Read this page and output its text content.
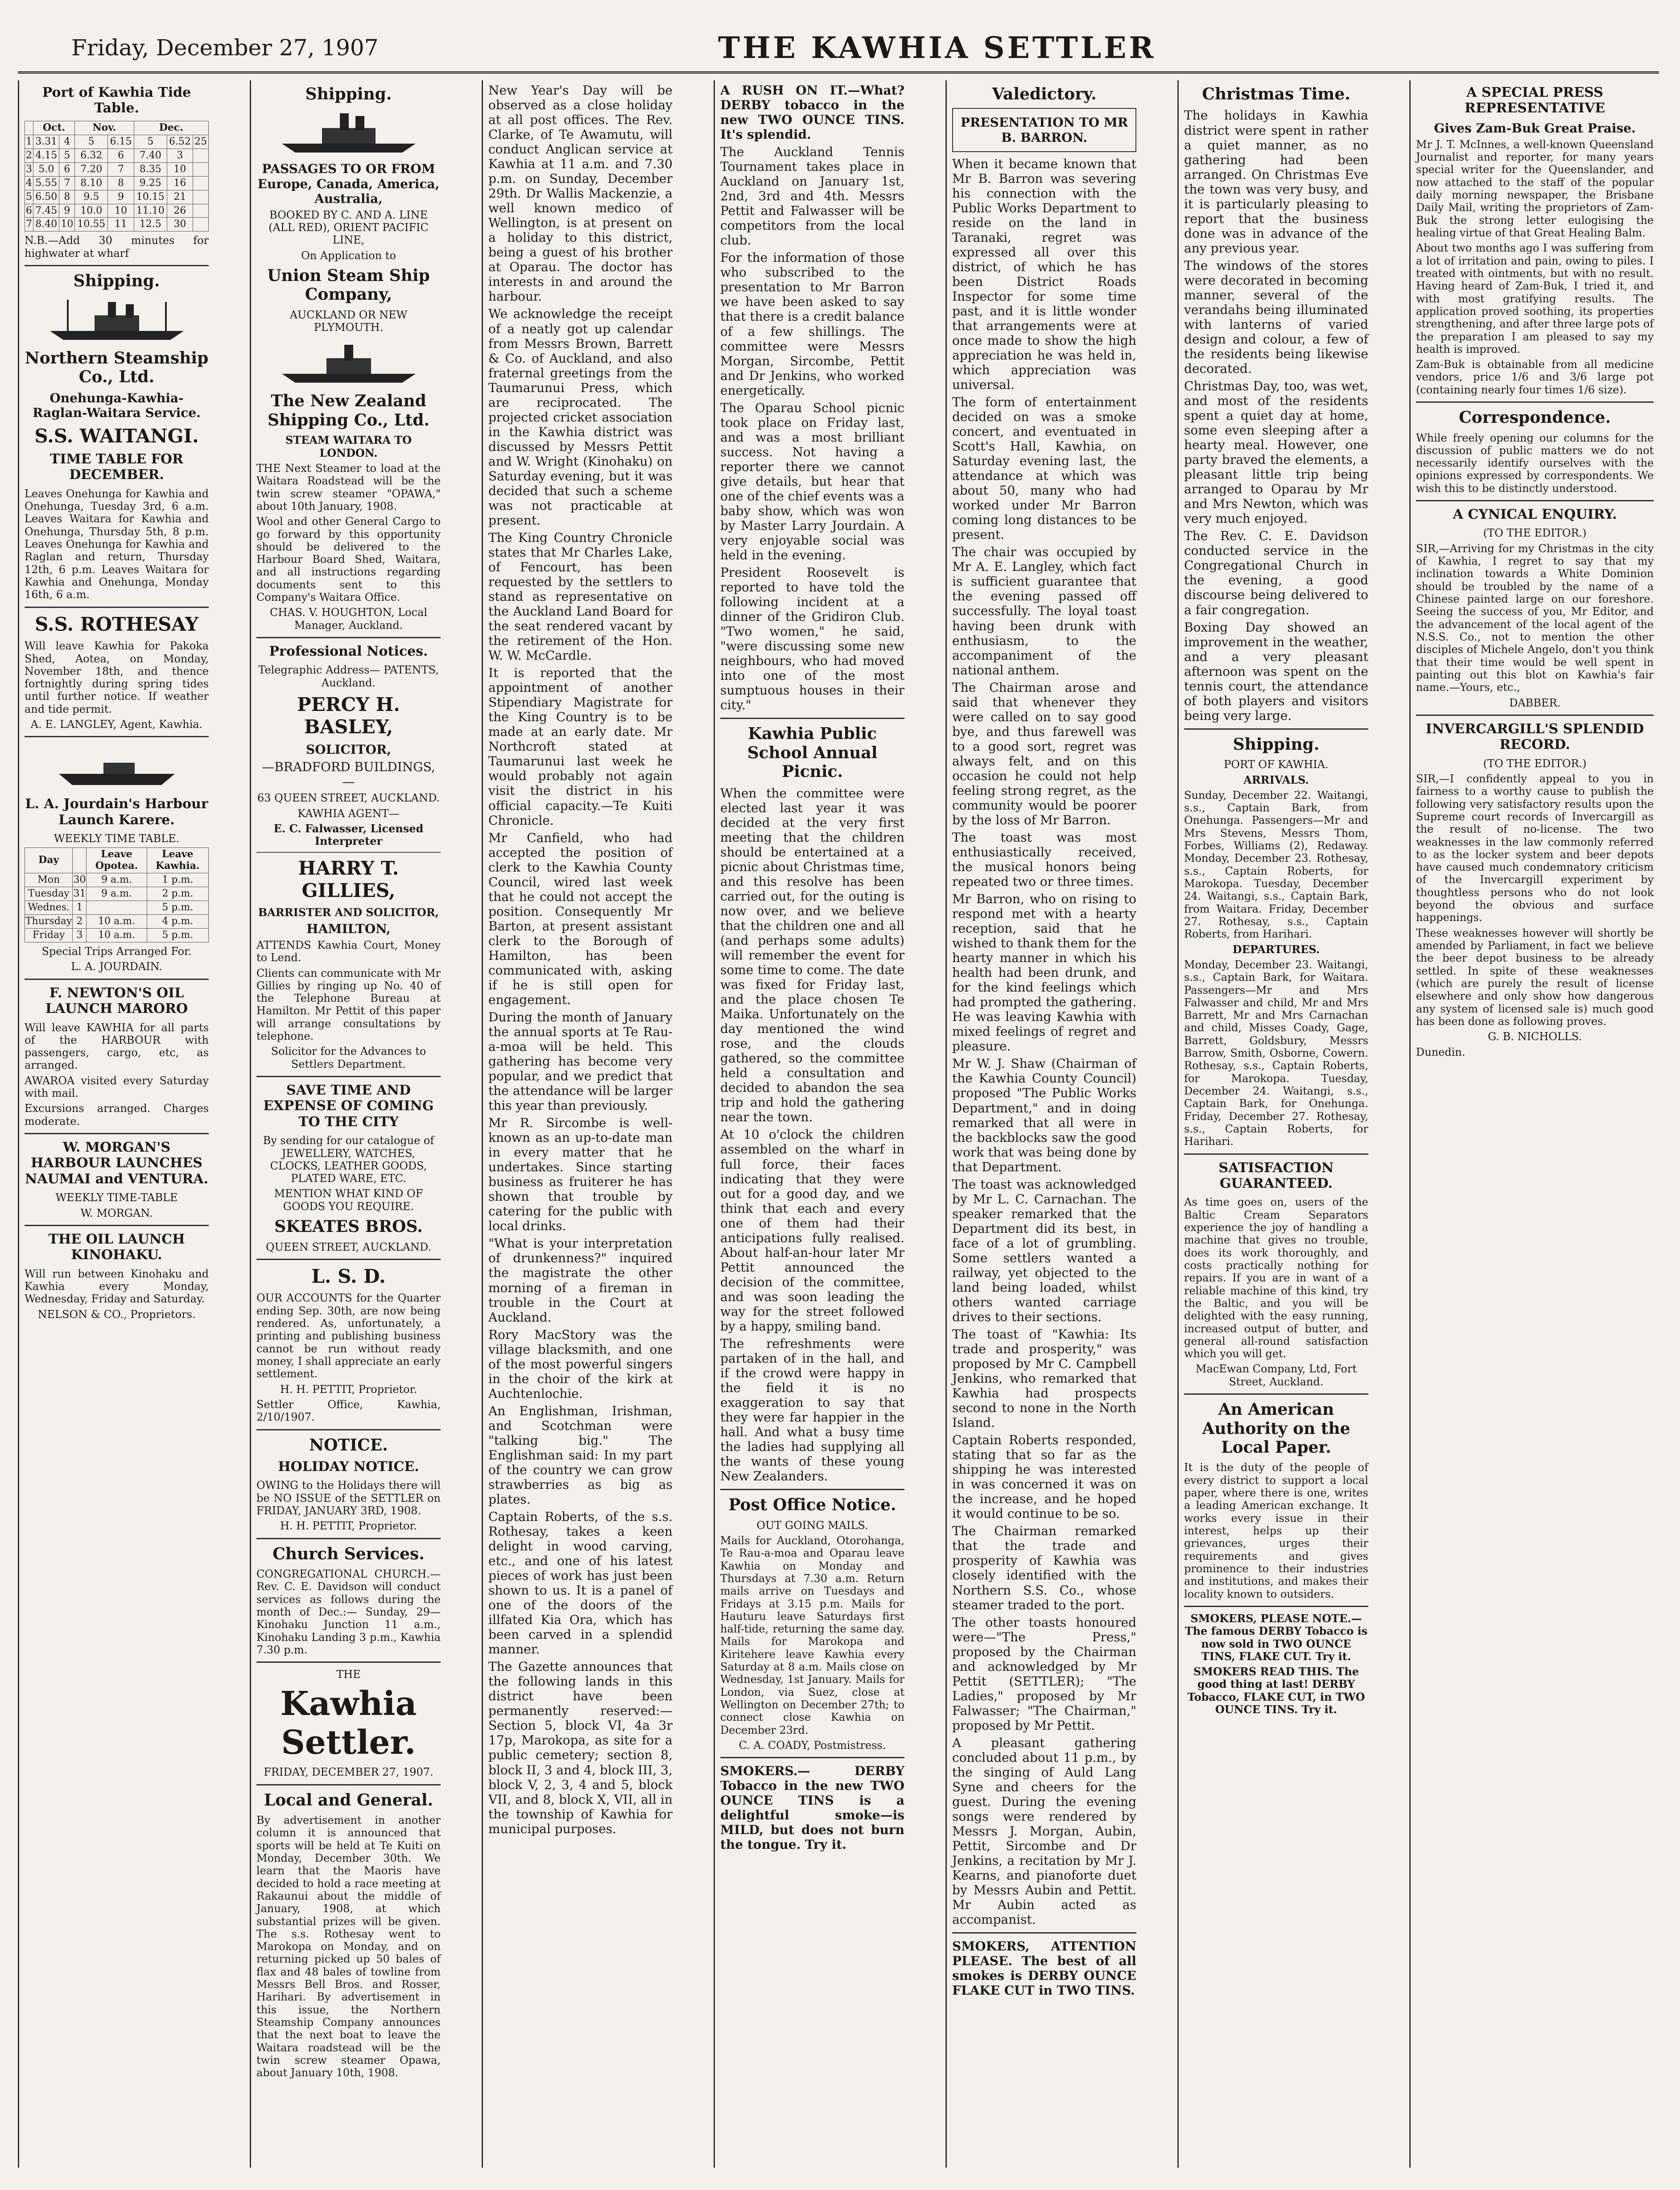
Friday, December 27, 1907	THE KAWHIA SETTLER
Port of Kawhia Tide Table.
	Oct.		Nov.		Dec.		
1	3.31	4	5	6.15	5	6.52	25
2	4.15	5	6.32	6	7.40	3	
3	5.0	6	7.20	7	8.35	10	
4	5.55	7	8.10	8	9.25	16	
5	6.50	8	9.5	9	10.15	21	
6	7.45	9	10.0	10	11.10	26	
7	8.40	10	10.55	11	12.5	30	

N.B.—Add 30 minutes for highwater at wharf

Shipping.
Northern Steamship Co., Ltd.

Onehunga-Kawhia-Raglan-Waitara Service.

S.S. WAITANGI.
TIME TABLE FOR DECEMBER.

Leaves Onehunga for Kawhia and Onehunga, Tuesday 3rd, 6 a.m. Leaves Waitara for Kawhia and Onehunga, Thursday 5th, 8 p.m. Leaves Onehunga for Kawhia and Raglan and return, Thursday 12th, 6 p.m. Leaves Waitara for Kawhia and Onehunga, Monday 16th, 6 a.m.

S.S. ROTHESAY

Will leave Kawhia for Pakoka Shed, Aotea, on Monday, November 18th, and thence fortnightly during spring tides until further notice. If weather and tide permit.

A. E. LANGLEY, Agent, Kawhia.

L. A. Jourdain's Harbour Launch Karere.

WEEKLY TIME TABLE.

Day		Leave Opotea.	Leave Kawhia.
Mon	30	9 a.m.	1 p.m.
Tuesday	31	9 a.m.	2 p.m.
Wednes.	1		5 p.m.
Thursday	2	10 a.m.	4 p.m.
Friday	3	10 a.m.	5 p.m.

Special Trips Arranged For.

L. A. JOURDAIN.

F. NEWTON'S OIL LAUNCH MARORO

Will leave KAWHIA for all parts of the HARBOUR with passengers, cargo, etc, as arranged.

AWAROA visited every Saturday with mail.

Excursions arranged. Charges moderate.

W. MORGAN'S HARBOUR LAUNCHES NAUMAI and VENTURA.

WEEKLY TIME-TABLE

W. MORGAN.

THE OIL LAUNCH KINOHAKU.

Will run between Kinohaku and Kawhia every Monday, Wednesday, Friday and Saturday.

NELSON & CO., Proprietors.

Shipping.

PASSAGES TO OR FROM Europe, Canada, America, Australia,

BOOKED BY C. AND A. LINE (ALL RED), ORIENT PACIFIC LINE,

On Application to

Union Steam Ship Company,

AUCKLAND OR NEW PLYMOUTH.

The New Zealand Shipping Co., Ltd.

STEAM WAITARA TO LONDON.

THE Next Steamer to load at the Waitara Roadstead will be the twin screw steamer "OPAWA," about 10th January, 1908.

Wool and other General Cargo to go forward by this opportunity should be delivered to the Harbour Board Shed, Waitara, and all instructions regarding documents sent to this Company's Waitara Office.

CHAS. V. HOUGHTON, Local Manager, Auckland.

Professional Notices.

Telegraphic Address— PATENTS, Auckland.

PERCY H. BASLEY,

SOLICITOR,

—BRADFORD BUILDINGS,—

63 QUEEN STREET, AUCKLAND.

KAWHIA AGENT—

E. C. Falwasser, Licensed Interpreter

HARRY T. GILLIES,

BARRISTER AND SOLICITOR,

HAMILTON,

ATTENDS Kawhia Court, Money to Lend.

Clients can communicate with Mr Gillies by ringing up No. 40 of the Telephone Bureau at Hamilton. Mr Pettit of this paper will arrange consultations by telephone.

Solicitor for the Advances to Settlers Department.

SAVE TIME AND EXPENSE OF COMING TO THE CITY

By sending for our catalogue of JEWELLERY, WATCHES, CLOCKS, LEATHER GOODS, PLATED WARE, ETC.

MENTION WHAT KIND OF GOODS YOU REQUIRE.

SKEATES BROS.

QUEEN STREET, AUCKLAND.

L. S. D.

OUR ACCOUNTS for the Quarter ending Sep. 30th, are now being rendered. As, unfortunately, a printing and publishing business cannot be run without ready money, I shall appreciate an early settlement.

H. H. PETTIT, Proprietor.

Settler Office, Kawhia, 2/10/1907.

NOTICE.
HOLIDAY NOTICE.

OWING to the Holidays there will be NO ISSUE of the SETTLER on FRIDAY, JANUARY 3RD, 1908.

H. H. PETTIT, Proprietor.

Church Services.

CONGREGATIONAL CHURCH.—Rev. C. E. Davidson will conduct services as follows during the month of Dec.:— Sunday, 29—Kinohaku Junction 11 a.m., Kinohaku Landing 3 p.m., Kawhia 7.30 p.m.

THE

Kawhia Settler.

FRIDAY, DECEMBER 27, 1907.

Local and General.

By advertisement in another column it is announced that sports will be held at Te Kuiti on Monday, December 30th. We learn that the Maoris have decided to hold a race meeting at Rakaunui about the middle of January, 1908, at which substantial prizes will be given. The s.s. Rothesay went to Marokopa on Monday, and on returning picked up 50 bales of flax and 48 bales of towline from Messrs Bell Bros. and Rosser, Harihari. By advertisement in this issue, the Northern Steamship Company announces that the next boat to leave the Waitara roadstead will be the twin screw steamer Opawa, about January 10th, 1908.

New Year's Day will be observed as a close holiday at all post offices. The Rev. Clarke, of Te Awamutu, will conduct Anglican service at Kawhia at 11 a.m. and 7.30 p.m. on Sunday, December 29th. Dr Wallis Mackenzie, a well known medico of Wellington, is at present on a holiday to this district, being a guest of his brother at Oparau. The doctor has interests in and around the harbour.

We acknowledge the receipt of a neatly got up calendar from Messrs Brown, Barrett & Co. of Auckland, and also fraternal greetings from the Taumarunui Press, which are reciprocated. The projected cricket association in the Kawhia district was discussed by Messrs Pettit and W. Wright (Kinohaku) on Saturday evening, but it was decided that such a scheme was not practicable at present.

The King Country Chronicle states that Mr Charles Lake, of Fencourt, has been requested by the settlers to stand as representative on the Auckland Land Board for the seat rendered vacant by the retirement of the Hon. W. W. McCardle.

It is reported that the appointment of another Stipendiary Magistrate for the King Country is to be made at an early date. Mr Northcroft stated at Taumarunui last week he would probably not again visit the district in his official capacity.—Te Kuiti Chronicle.

Mr Canfield, who had accepted the position of clerk to the Kawhia County Council, wired last week that he could not accept the position. Consequently Mr Barton, at present assistant clerk to the Borough of Hamilton, has been communicated with, asking if he is still open for engagement.

During the month of January the annual sports at Te Rau-a-moa will be held. This gathering has become very popular, and we predict that the attendance will be larger this year than previously.

Mr R. Sircombe is well-known as an up-to-date man in every matter that he undertakes. Since starting business as fruiterer he has shown that trouble by catering for the public with local drinks.

"What is your interpretation of drunkenness?" inquired the magistrate the other morning of a fireman in trouble in the Court at Auckland.

Rory MacStory was the village blacksmith, and one of the most powerful singers in the choir of the kirk at Auchtenlochie.

An Englishman, Irishman, and Scotchman were "talking big." The Englishman said: In my part of the country we can grow strawberries as big as plates.

Captain Roberts, of the s.s. Rothesay, takes a keen delight in wood carving, etc., and one of his latest pieces of work has just been shown to us. It is a panel of one of the doors of the illfated Kia Ora, which has been carved in a splendid manner.

The Gazette announces that the following lands in this district have been permanently reserved:—Section 5, block VI, 4a 3r 17p, Marokopa, as site for a public cemetery; section 8, block II, 3 and 4, block III, 3, block V, 2, 3, 4 and 5, block VII, and 8, block X, VII, all in the township of Kawhia for municipal purposes.

A RUSH ON IT.—What? DERBY tobacco in the new TWO OUNCE TINS. It's splendid.

The Auckland Tennis Tournament takes place in Auckland on January 1st, 2nd, 3rd and 4th. Messrs Pettit and Falwasser will be competitors from the local club.

For the information of those who subscribed to the presentation to Mr Barron we have been asked to say that there is a credit balance of a few shillings. The committee were Messrs Morgan, Sircombe, Pettit and Dr Jenkins, who worked energetically.

The Oparau School picnic took place on Friday last, and was a most brilliant success. Not having a reporter there we cannot give details, but hear that one of the chief events was a baby show, which was won by Master Larry Jourdain. A very enjoyable social was held in the evening.

President Roosevelt is reported to have told the following incident at a dinner of the Gridiron Club. "Two women," he said, "were discussing some new neighbours, who had moved into one of the most sumptuous houses in their city."

Kawhia Public School Annual Picnic.

When the committee were elected last year it was decided at the very first meeting that the children should be entertained at a picnic about Christmas time, and this resolve has been carried out, for the outing is now over, and we believe that the children one and all (and perhaps some adults) will remember the event for some time to come. The date was fixed for Friday last, and the place chosen Te Maika. Unfortunately on the day mentioned the wind rose, and the clouds gathered, so the committee held a consultation and decided to abandon the sea trip and hold the gathering near the town.

At 10 o'clock the children assembled on the wharf in full force, their faces indicating that they were out for a good day, and we think that each and every one of them had their anticipations fully realised. About half-an-hour later Mr Pettit announced the decision of the committee, and was soon leading the way for the street followed by a happy, smiling band.

The refreshments were partaken of in the hall, and if the crowd were happy in the field it is no exaggeration to say that they were far happier in the hall. And what a busy time the ladies had supplying all the wants of these young New Zealanders.

Post Office Notice.

OUT GOING MAILS.

Mails for Auckland, Otorohanga, Te Rau-a-moa and Oparau leave Kawhia on Monday and Thursdays at 7.30 a.m. Return mails arrive on Tuesdays and Fridays at 3.15 p.m. Mails for Hauturu leave Saturdays first half-tide, returning the same day. Mails for Marokopa and Kiritehere leave Kawhia every Saturday at 8 a.m. Mails close on Wednesday, 1st January. Mails for London, via Suez, close at Wellington on December 27th; to connect close Kawhia on December 23rd.

C. A. COADY, Postmistress.

SMOKERS.— DERBY Tobacco in the new TWO OUNCE TINS is a delightful smoke—is MILD, but does not burn the tongue. Try it.

Valedictory.

PRESENTATION TO MR B. BARRON.

When it became known that Mr B. Barron was severing his connection with the Public Works Department to reside on the land in Taranaki, regret was expressed all over this district, of which he has been District Roads Inspector for some time past, and it is little wonder that arrangements were at once made to show the high appreciation he was held in, which appreciation was universal.

The form of entertainment decided on was a smoke concert, and eventuated in Scott's Hall, Kawhia, on Saturday evening last, the attendance at which was about 50, many who had worked under Mr Barron coming long distances to be present.

The chair was occupied by Mr A. E. Langley, which fact is sufficient guarantee that the evening passed off successfully. The loyal toast having been drunk with enthusiasm, to the accompaniment of the national anthem.

The Chairman arose and said that whenever they were called on to say good bye, and thus farewell was to a good sort, regret was always felt, and on this occasion he could not help feeling strong regret, as the community would be poorer by the loss of Mr Barron.

The toast was most enthusiastically received, the musical honors being repeated two or three times.

Mr Barron, who on rising to respond met with a hearty reception, said that he wished to thank them for the hearty manner in which his health had been drunk, and for the kind feelings which had prompted the gathering. He was leaving Kawhia with mixed feelings of regret and pleasure.

Mr W. J. Shaw (Chairman of the Kawhia County Council) proposed "The Public Works Department," and in doing remarked that all were in the backblocks saw the good work that was being done by that Department.

The toast was acknowledged by Mr L. C. Carnachan. The speaker remarked that the Department did its best, in face of a lot of grumbling. Some settlers wanted a railway, yet objected to the land being loaded, whilst others wanted carriage drives to their sections.

The toast of "Kawhia: Its trade and prosperity," was proposed by Mr C. Campbell Jenkins, who remarked that Kawhia had prospects second to none in the North Island.

Captain Roberts responded, stating that so far as the shipping he was interested in was concerned it was on the increase, and he hoped it would continue to be so.

The Chairman remarked that the trade and prosperity of Kawhia was closely identified with the Northern S.S. Co., whose steamer traded to the port.

The other toasts honoured were—"The Press," proposed by the Chairman and acknowledged by Mr Pettit (SETTLER); "The Ladies," proposed by Mr Falwasser; "The Chairman," proposed by Mr Pettit.

A pleasant gathering concluded about 11 p.m., by the singing of Auld Lang Syne and cheers for the guest. During the evening songs were rendered by Messrs J. Morgan, Aubin, Pettit, Sircombe and Dr Jenkins, a recitation by Mr J. Kearns, and pianoforte duet by Messrs Aubin and Pettit. Mr Aubin acted as accompanist.

SMOKERS, ATTENTION PLEASE. The best of all smokes is DERBY OUNCE FLAKE CUT in TWO TINS.

Christmas Time.

The holidays in Kawhia district were spent in rather a quiet manner, as no gathering had been arranged. On Christmas Eve the town was very busy, and it is particularly pleasing to report that the business done was in advance of the any previous year.

The windows of the stores were decorated in becoming manner, several of the verandahs being illuminated with lanterns of varied design and colour, a few of the residents being likewise decorated.

Christmas Day, too, was wet, and most of the residents spent a quiet day at home, some even sleeping after a hearty meal. However, one party braved the elements, a pleasant little trip being arranged to Oparau by Mr and Mrs Newton, which was very much enjoyed.

The Rev. C. E. Davidson conducted service in the Congregational Church in the evening, a good discourse being delivered to a fair congregation.

Boxing Day showed an improvement in the weather, and a very pleasant afternoon was spent on the tennis court, the attendance of both players and visitors being very large.

Shipping.

PORT OF KAWHIA.

ARRIVALS.

Sunday, December 22. Waitangi, s.s., Captain Bark, from Onehunga. Passengers—Mr and Mrs Stevens, Messrs Thom, Forbes, Williams (2), Redaway. Monday, December 23. Rothesay, s.s., Captain Roberts, for Marokopa. Tuesday, December 24. Waitangi, s.s., Captain Bark, from Waitara. Friday, December 27. Rothesay, s.s., Captain Roberts, from Harihari.

DEPARTURES.

Monday, December 23. Waitangi, s.s., Captain Bark, for Waitara. Passengers—Mr and Mrs Falwasser and child, Mr and Mrs Barrett, Mr and Mrs Carnachan and child, Misses Coady, Gage, Barrett, Goldsbury, Messrs Barrow, Smith, Osborne, Cowern. Rothesay, s.s., Captain Roberts, for Marokopa. Tuesday, December 24. Waitangi, s.s., Captain Bark, for Onehunga. Friday, December 27. Rothesay, s.s., Captain Roberts, for Harihari.

SATISFACTION GUARANTEED.

As time goes on, users of the Baltic Cream Separators experience the joy of handling a machine that gives no trouble, does its work thoroughly, and costs practically nothing for repairs. If you are in want of a reliable machine of this kind, try the Baltic, and you will be delighted with the easy running, increased output of butter, and general all-round satisfaction which you will get.

MacEwan Company, Ltd, Fort Street, Auckland.

An American Authority on the Local Paper.

It is the duty of the people of every district to support a local paper, where there is one, writes a leading American exchange. It works every issue in their interest, helps up their grievances, urges their requirements and gives prominence to their industries and institutions, and makes their locality known to outsiders.

SMOKERS, PLEASE NOTE.— The famous DERBY Tobacco is now sold in TWO OUNCE TINS, FLAKE CUT. Try it.

SMOKERS READ THIS. The good thing at last! DERBY Tobacco, FLAKE CUT, in TWO OUNCE TINS. Try it.

A SPECIAL PRESS REPRESENTATIVE

Gives Zam-Buk Great Praise.

Mr J. T. McInnes, a well-known Queensland Journalist and reporter, for many years special writer for the Queenslander, and now attached to the staff of the popular daily morning newspaper, the Brisbane Daily Mail, writing the proprietors of Zam-Buk the strong letter eulogising the healing virtue of that Great Healing Balm.

About two months ago I was suffering from a lot of irritation and pain, owing to piles. I treated with ointments, but with no result. Having heard of Zam-Buk, I tried it, and with most gratifying results. The application proved soothing, its properties strengthening, and after three large pots of the preparation I am pleased to say my health is improved.

Zam-Buk is obtainable from all medicine vendors, price 1/6 and 3/6 large pot (containing nearly four times 1/6 size).

Correspondence.

While freely opening our columns for the discussion of public matters we do not necessarily identify ourselves with the opinions expressed by correspondents. We wish this to be distinctly understood.

A CYNICAL ENQUIRY.

(TO THE EDITOR.)

SIR,—Arriving for my Christmas in the city of Kawhia, I regret to say that my inclination towards a White Dominion should be troubled by the name of a Chinese painted large on our foreshore. Seeing the success of you, Mr Editor, and the advancement of the local agent of the N.S.S. Co., not to mention the other disciples of Michele Angelo, don't you think that their time would be well spent in painting out this blot on Kawhia's fair name.—Yours, etc.,

DABBER.

INVERCARGILL'S SPLENDID RECORD.

(TO THE EDITOR.)

SIR,—I confidently appeal to you in fairness to a worthy cause to publish the following very satisfactory results upon the Supreme court records of Invercargill as the result of no-license. The two weaknesses in the law commonly referred to as the locker system and beer depots have caused much condemnatory criticism of the Invercargill experiment by thoughtless persons who do not look beyond the obvious and surface happenings.

These weaknesses however will shortly be amended by Parliament, in fact we believe the beer depot business to be already settled. In spite of these weaknesses (which are purely the result of license elsewhere and only show how dangerous any system of licensed sale is) much good has been done as following proves.

G. B. NICHOLLS.

Dunedin.
